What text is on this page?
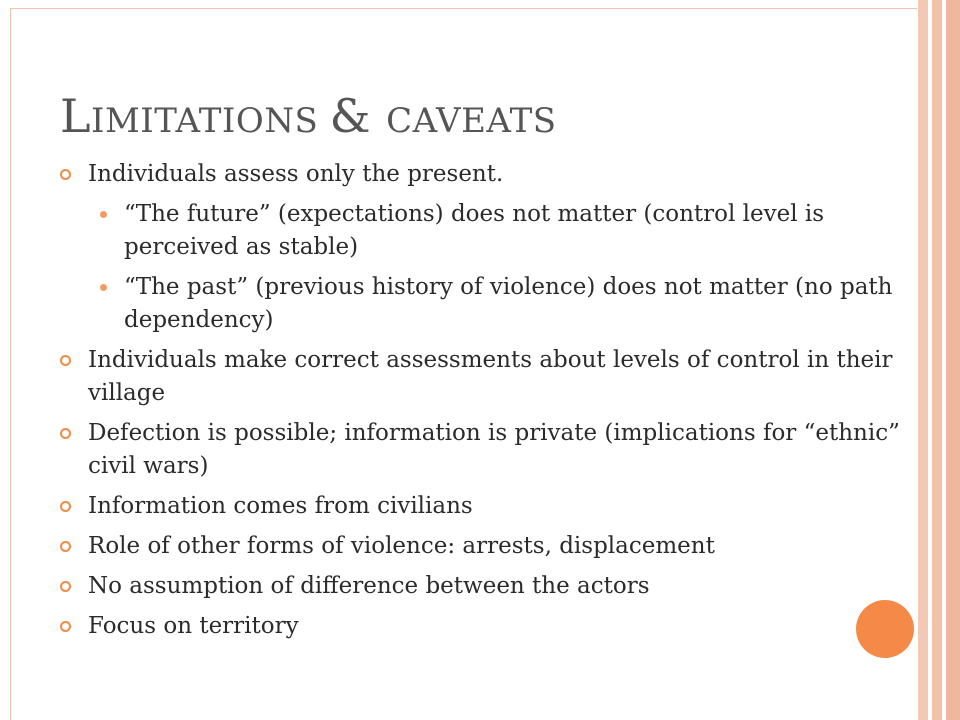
LIMITATIONS & CAVEATS
Individuals assess only the present.
“The future” (expectations) does not matter (control level is perceived as stable)
“The past” (previous history of violence) does not matter (no path dependency)
Individuals make correct assessments about levels of control in their village
Defection is possible; information is private (implications for “ethnic” civil wars)
Information comes from civilians
Role of other forms of violence: arrests, displacement
No assumption of difference between the actors
Focus on territory
